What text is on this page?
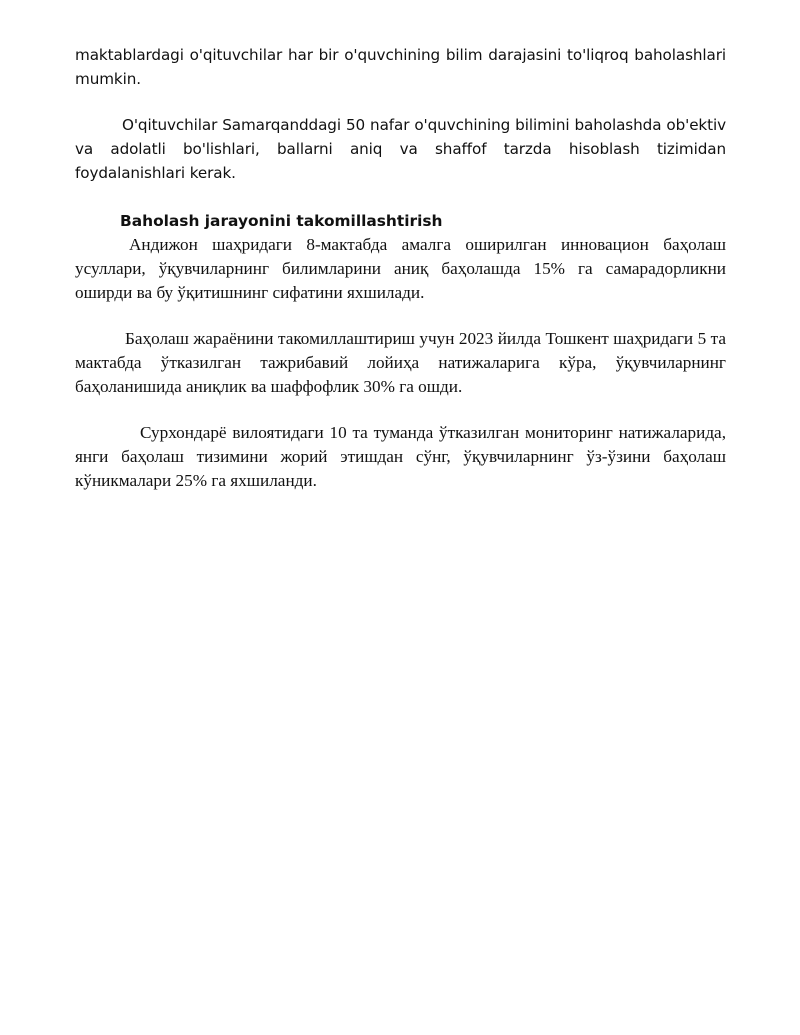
maktablardagi o'qituvchilar har bir o'quvchining bilim darajasini to'liqroq baholashlari mumkin.

O'qituvchilar Samarqanddagi 50 nafar o'quvchining bilimini baholashda ob'ektiv va adolatli bo'lishlari, ballarni aniq va shaffof tarzda hisoblash tizimidan foydalanishlari kerak.

Baholash jarayonini takomillashtirish

Андижон шаҳридаги 8-мактабда амалга оширилган инновацион баҳолаш усуллари, ўқувчиларнинг билимларини аниқ баҳолашда 15% га самарадорликни оширди ва бу ўқитишнинг сифатини яхшилади.

Баҳолаш жараёнини такомиллаштириш учун 2023 йилда Тошкент шаҳридаги 5 та мактабда ўтказилган тажрибавий лойиҳа натижаларига кўра, ўқувчиларнинг баҳоланишида аниқлик ва шаффофлик 30% га ошди.

Сурхондарё вилоятидаги 10 та туманда ўтказилган мониторинг натижаларида, янги баҳолаш тизимини жорий этишдан сўнг, ўқувчиларнинг ўз-ўзини баҳолаш кўникмалари 25% га яхшиланди.
